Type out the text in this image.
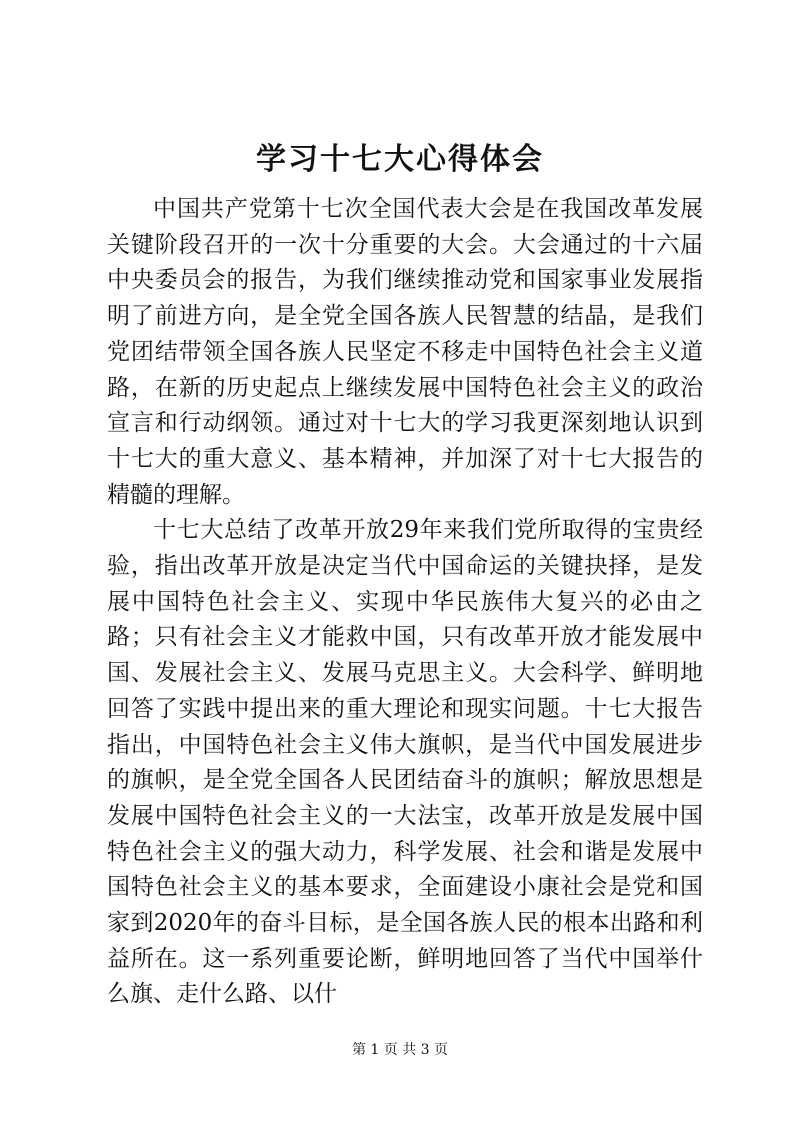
学习十七大心得体会

中国共产党第十七次全国代表大会是在我国改革发展关键阶段召开的一次十分重要的大会。大会通过的十六届中央委员会的报告，为我们继续推动党和国家事业发展指明了前进方向，是全党全国各族人民智慧的结晶，是我们党团结带领全国各族人民坚定不移走中国特色社会主义道路，在新的历史起点上继续发展中国特色社会主义的政治宣言和行动纲领。通过对十七大的学习我更深刻地认识到十七大的重大意义、基本精神，并加深了对十七大报告的精髓的理解。

十七大总结了改革开放29年来我们党所取得的宝贵经验，指出改革开放是决定当代中国命运的关键抉择，是发展中国特色社会主义、实现中华民族伟大复兴的必由之路；只有社会主义才能救中国，只有改革开放才能发展中国、发展社会主义、发展马克思主义。大会科学、鲜明地回答了实践中提出来的重大理论和现实问题。十七大报告指出，中国特色社会主义伟大旗帜，是当代中国发展进步的旗帜，是全党全国各人民团结奋斗的旗帜；解放思想是发展中国特色社会主义的一大法宝，改革开放是发展中国特色社会主义的强大动力，科学发展、社会和谐是发展中国特色社会主义的基本要求，全面建设小康社会是党和国家到2020年的奋斗目标，是全国各族人民的根本出路和利益所在。这一系列重要论断，鲜明地回答了当代中国举什么旗、走什么路、以什

第 1 页 共 3 页
